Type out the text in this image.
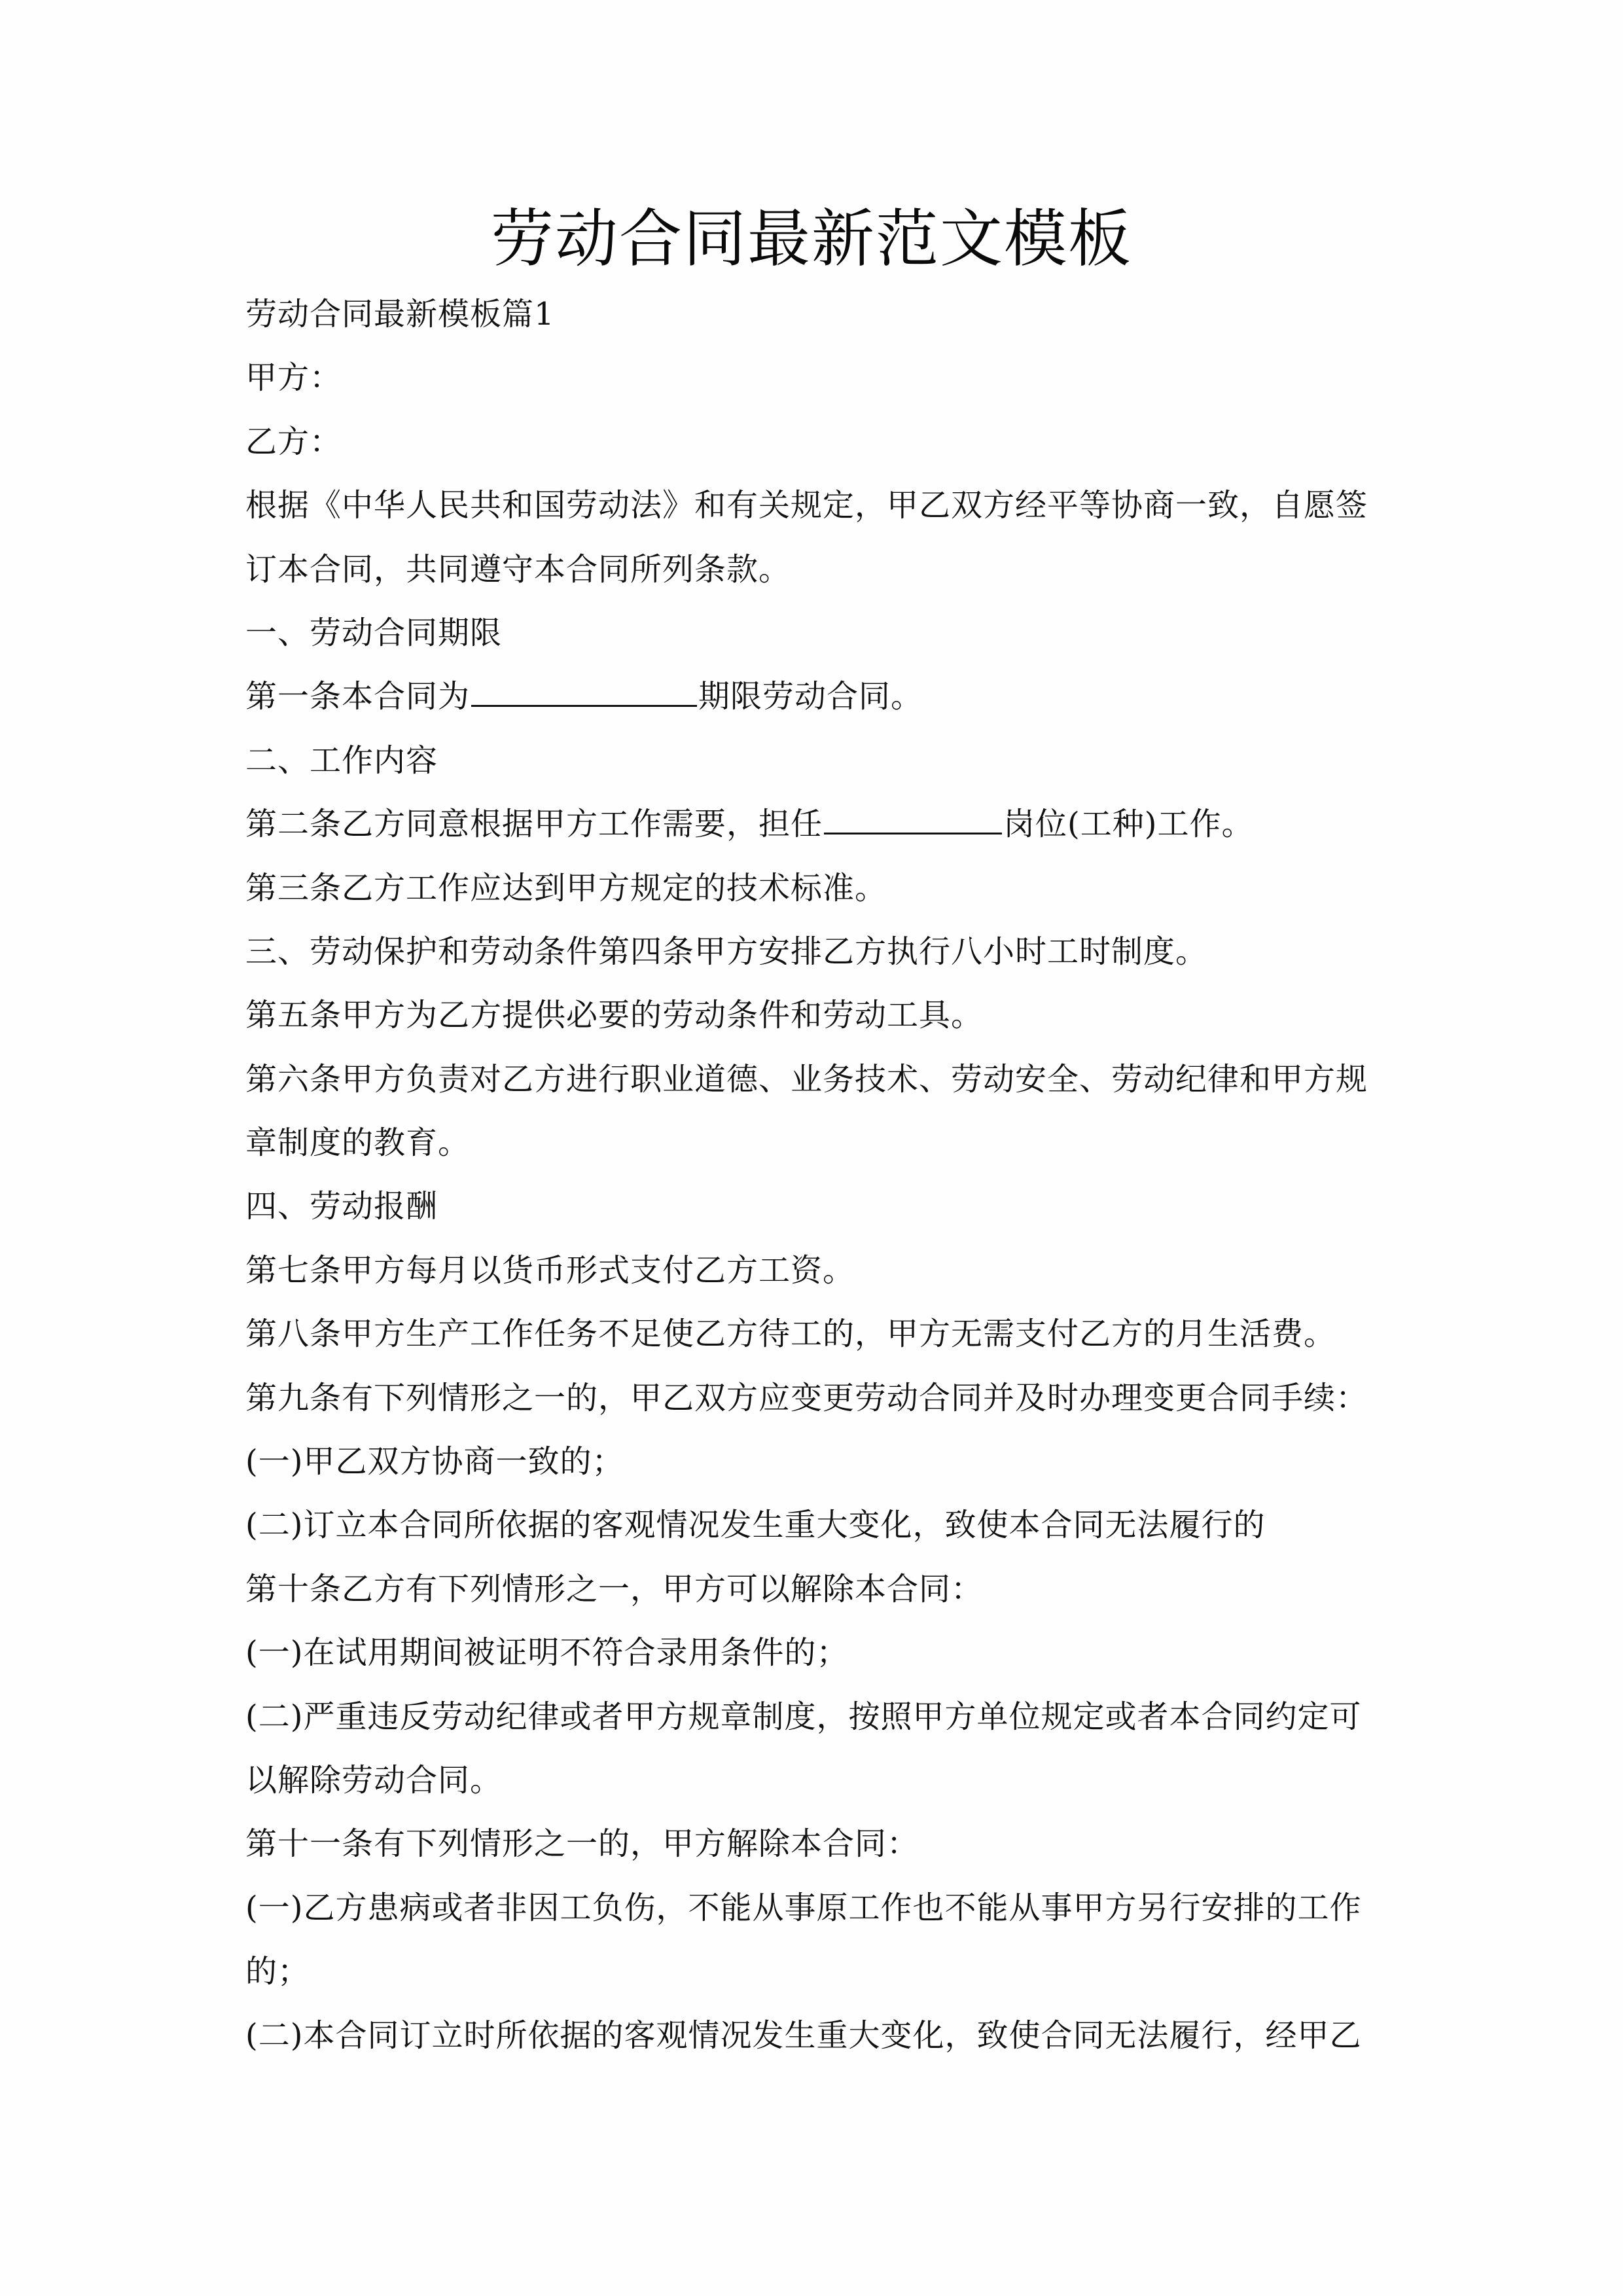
劳动合同最新范文模板
劳动合同最新模板篇1
甲方：
乙方：
根据《中华人民共和国劳动法》和有关规定，甲乙双方经平等协商一致，自愿签
订本合同，共同遵守本合同所列条款。
一、劳动合同期限
第一条本合同为	期限劳动合同。
二、工作内容
第二条乙方同意根据甲方工作需要，担任	岗位(工种)工作。
第三条乙方工作应达到甲方规定的技术标准。
三、劳动保护和劳动条件第四条甲方安排乙方执行八小时工时制度。
第五条甲方为乙方提供必要的劳动条件和劳动工具。
第六条甲方负责对乙方进行职业道德、业务技术、劳动安全、劳动纪律和甲方规
章制度的教育。
四、劳动报酬
第七条甲方每月以货币形式支付乙方工资。
第八条甲方生产工作任务不足使乙方待工的，甲方无需支付乙方的月生活费。
第九条有下列情形之一的，甲乙双方应变更劳动合同并及时办理变更合同手续：
(一)甲乙双方协商一致的；
(二)订立本合同所依据的客观情况发生重大变化，致使本合同无法履行的
第十条乙方有下列情形之一，甲方可以解除本合同：
(一)在试用期间被证明不符合录用条件的；
(二)严重违反劳动纪律或者甲方规章制度，按照甲方单位规定或者本合同约定可
以解除劳动合同。
第十一条有下列情形之一的，甲方解除本合同：
(一)乙方患病或者非因工负伤，不能从事原工作也不能从事甲方另行安排的工作
的；
(二)本合同订立时所依据的客观情况发生重大变化，致使合同无法履行，经甲乙
